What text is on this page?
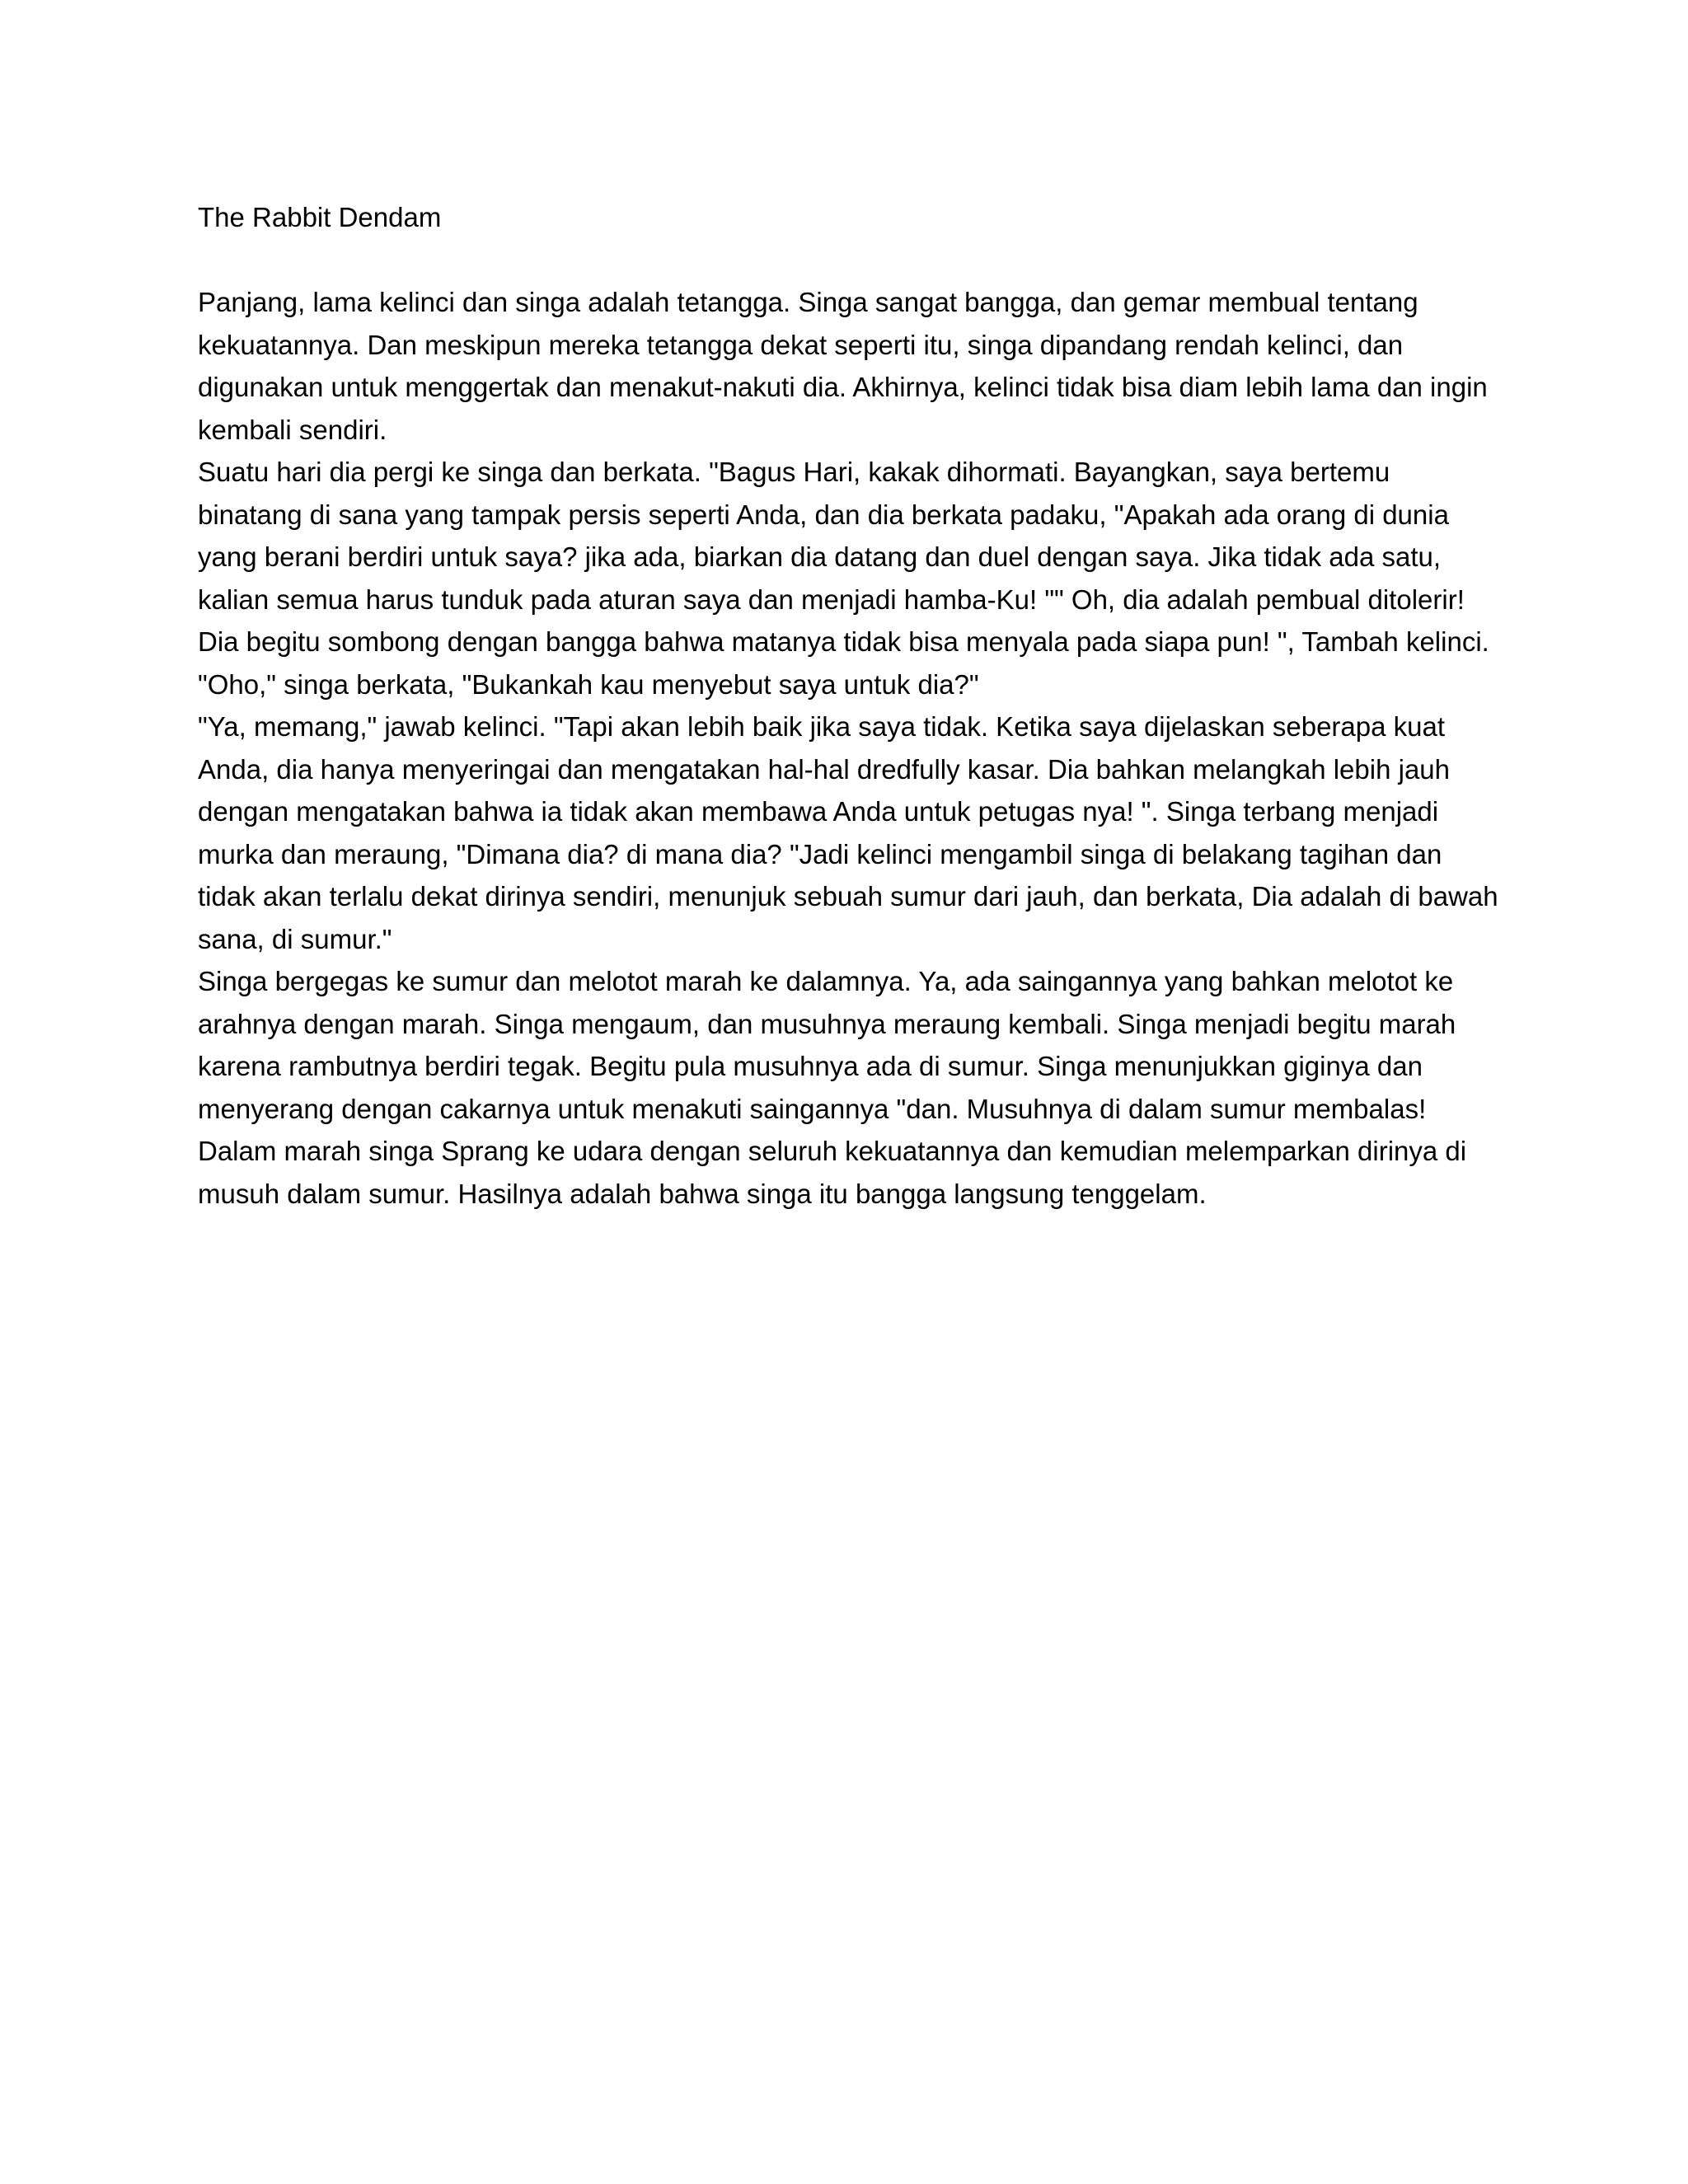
The Rabbit Dendam

Panjang, lama kelinci dan singa adalah tetangga. Singa sangat bangga, dan gemar membual tentang kekuatannya. Dan meskipun mereka tetangga dekat seperti itu, singa dipandang rendah kelinci, dan digunakan untuk menggertak dan menakut-nakuti dia. Akhirnya, kelinci tidak bisa diam lebih lama dan ingin kembali sendiri.

Suatu hari dia pergi ke singa dan berkata. "Bagus Hari, kakak dihormati. Bayangkan, saya bertemu binatang di sana yang tampak persis seperti Anda, dan dia berkata padaku, "Apakah ada orang di dunia yang berani berdiri untuk saya? jika ada, biarkan dia datang dan duel dengan saya. Jika tidak ada satu, kalian semua harus tunduk pada aturan saya dan menjadi hamba-Ku! "" Oh, dia adalah pembual ditolerir! Dia begitu sombong dengan bangga bahwa matanya tidak bisa menyala pada siapa pun! ", Tambah kelinci. "Oho," singa berkata, "Bukankah kau menyebut saya untuk dia?"

"Ya, memang," jawab kelinci. "Tapi akan lebih baik jika saya tidak. Ketika saya dijelaskan seberapa kuat Anda, dia hanya menyeringai dan mengatakan hal-hal dredfully kasar. Dia bahkan melangkah lebih jauh dengan mengatakan bahwa ia tidak akan membawa Anda untuk petugas nya! ". Singa terbang menjadi murka dan meraung, "Dimana dia? di mana dia? "Jadi kelinci mengambil singa di belakang tagihan dan tidak akan terlalu dekat dirinya sendiri, menunjuk sebuah sumur dari jauh, dan berkata, Dia adalah di bawah sana, di sumur."

Singa bergegas ke sumur dan melotot marah ke dalamnya. Ya, ada saingannya yang bahkan melotot ke arahnya dengan marah. Singa mengaum, dan musuhnya meraung kembali. Singa menjadi begitu marah karena rambutnya berdiri tegak. Begitu pula musuhnya ada di sumur. Singa menunjukkan giginya dan menyerang dengan cakarnya untuk menakuti saingannya "dan. Musuhnya di dalam sumur membalas! Dalam marah singa Sprang ke udara dengan seluruh kekuatannya dan kemudian melemparkan dirinya di musuh dalam sumur. Hasilnya adalah bahwa singa itu bangga langsung tenggelam.
